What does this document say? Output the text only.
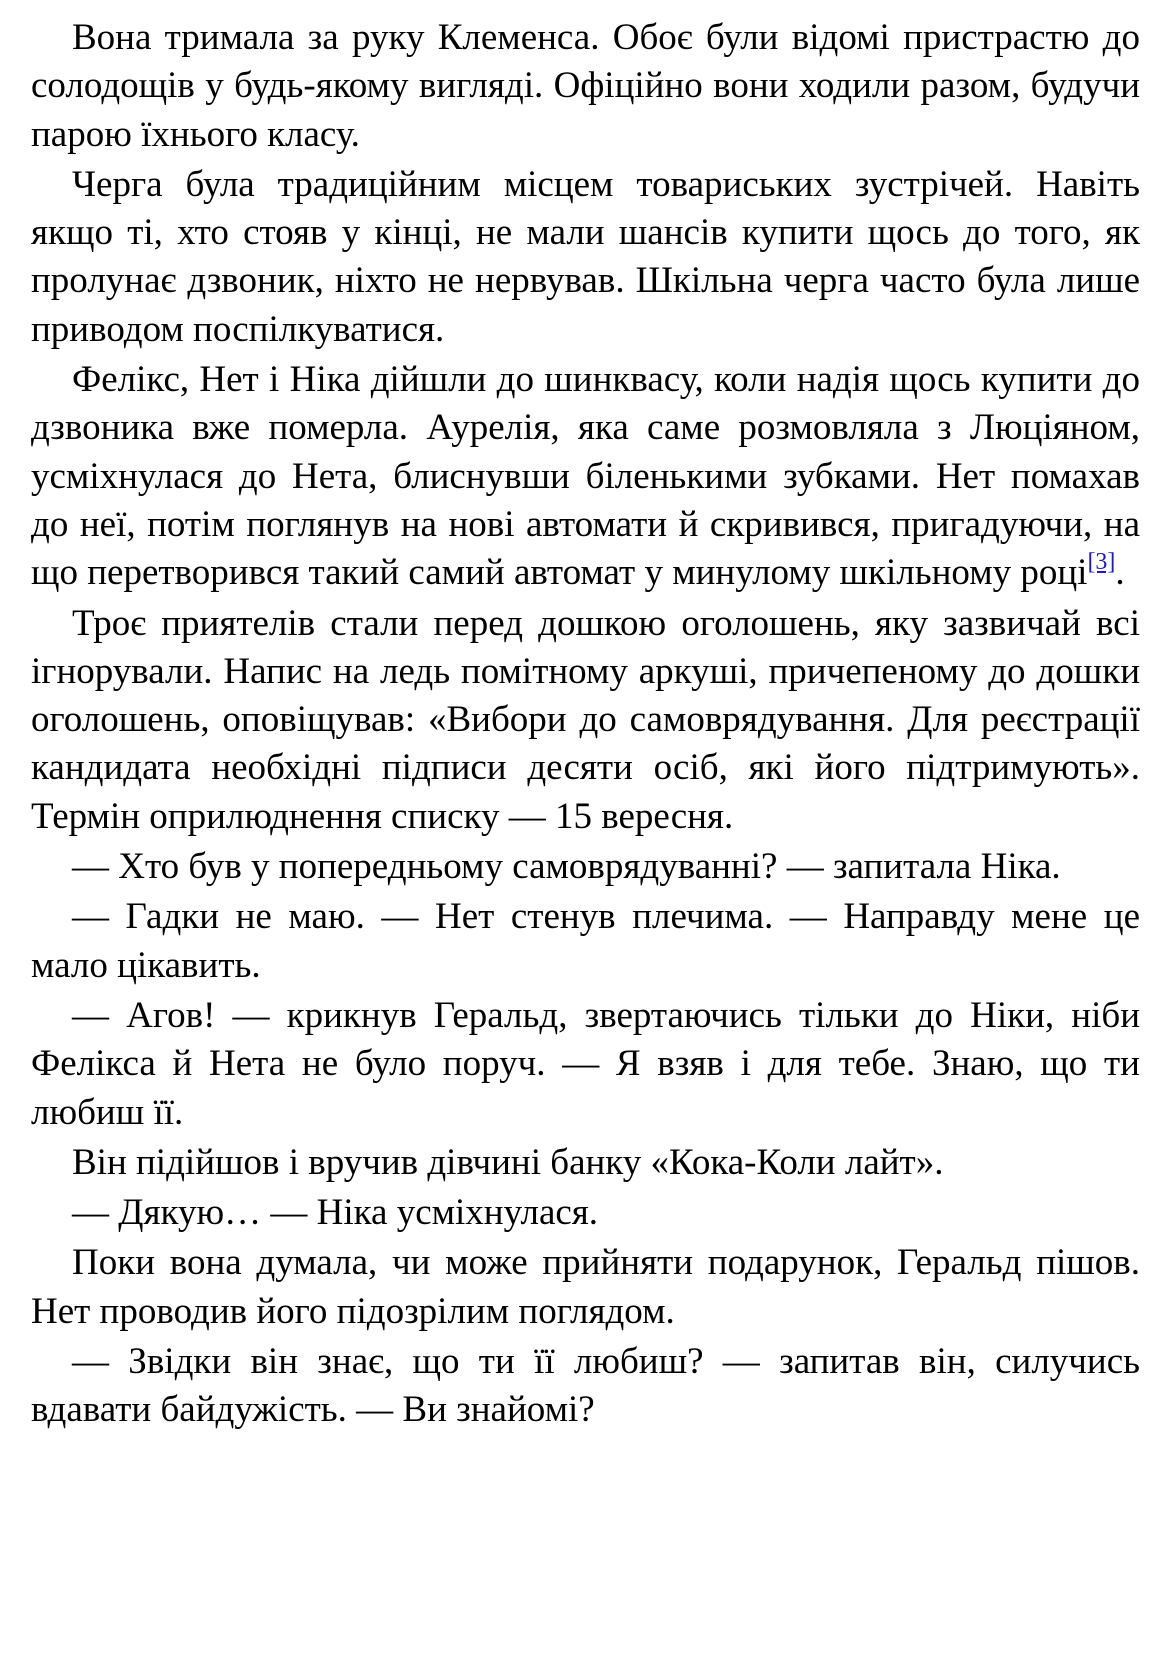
Вона тримала за руку Клеменса. Обоє були відомі пристрастю до солодощів у будь-якому вигляді. Офіційно вони ходили разом, будучи парою їхнього класу.

Черга була традиційним місцем товариських зустрічей. Навіть якщо ті, хто стояв у кінці, не мали шансів купити щось до того, як пролунає дзвоник, ніхто не нервував. Шкільна черга часто була лише приводом поспілкуватися.

Фелікс, Нет і Ніка дійшли до шинквасу, коли надія щось купити до дзвоника вже померла. Аурелія, яка саме розмовляла з Люціяном, усміхнулася до Нета, блиснувши біленькими зубками. Нет помахав до неї, потім поглянув на нові автомати й скривився, пригадуючи, на що перетворився такий самий автомат у минулому шкільному році[3].

Троє приятелів стали перед дошкою оголошень, яку зазвичай всі ігнорували. Напис на ледь помітному аркуші, причепеному до дошки оголошень, оповіщував: «Вибори до самоврядування. Для реєстрації кандидата необхідні підписи десяти осіб, які його підтримують». Термін оприлюднення списку — 15 вересня.

— Хто був у попередньому самоврядуванні? — запитала Ніка.

— Гадки не маю. — Нет стенув плечима. — Направду мене це мало цікавить.

— Агов! — крикнув Геральд, звертаючись тільки до Ніки, ніби Фелікса й Нета не було поруч. — Я взяв і для тебе. Знаю, що ти любиш її.

Він підійшов і вручив дівчині банку «Кока-Коли лайт».

— Дякую… — Ніка усміхнулася.

Поки вона думала, чи може прийняти подарунок, Геральд пішов. Нет проводив його підозрілим поглядом.

— Звідки він знає, що ти її любиш? — запитав він, силучись вдавати байдужість. — Ви знайомі?
